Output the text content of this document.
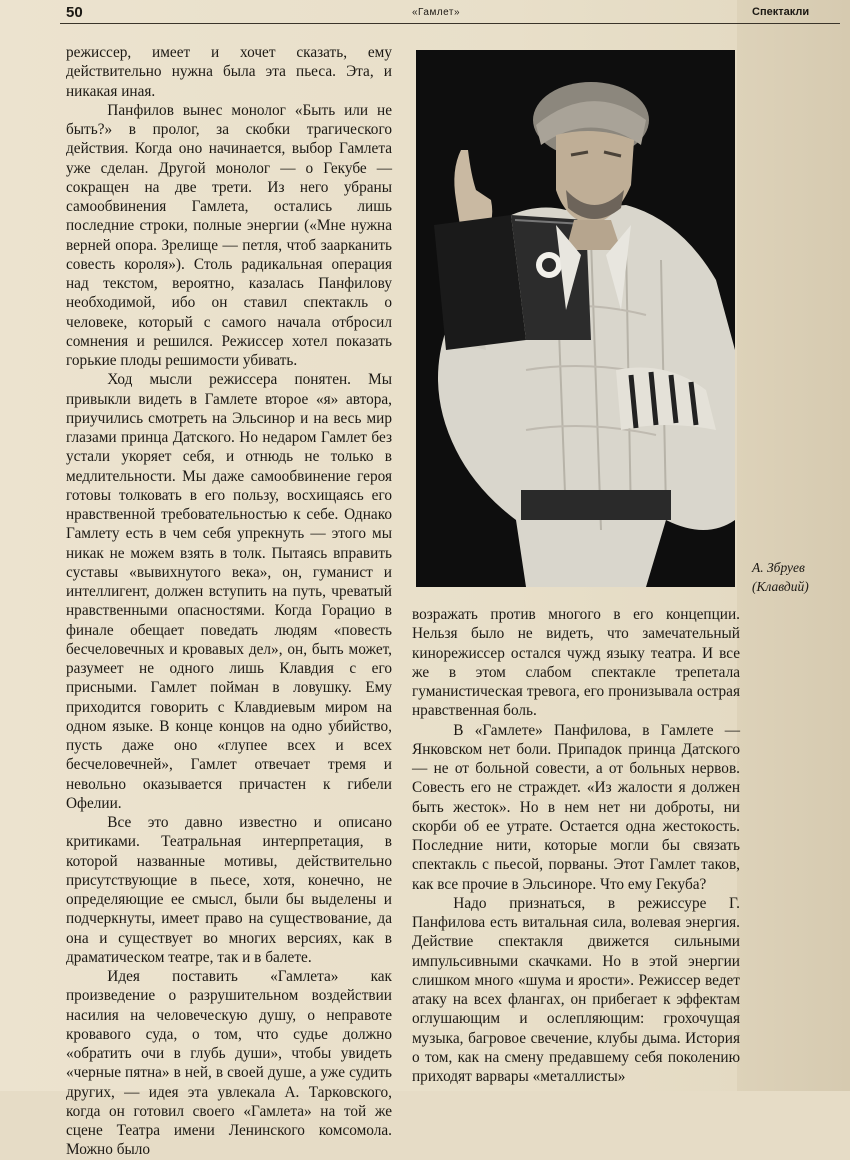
50	«Гамлет»	Спектакли

режиссер, имеет и хочет сказать, ему действительно нужна была эта пьеса. Эта, и никакая иная.

Панфилов вынес монолог «Быть или не быть?» в пролог, за скобки трагического действия. Когда оно начинается, выбор Гамлета уже сделан. Другой монолог — о Гекубе — сокращен на две трети. Из него убраны самообвинения Гамлета, остались лишь последние строки, полные энергии («Мне нужна верней опора. Зрелище — петля, чтоб заарканить совесть короля»). Столь радикальная операция над текстом, вероятно, казалась Панфилову необходимой, ибо он ставил спектакль о человеке, который с самого начала отбросил сомнения и решился. Режиссер хотел показать горькие плоды решимости убивать.

Ход мысли режиссера понятен. Мы привыкли видеть в Гамлете второе «я» автора, приучились смотреть на Эльсинор и на весь мир глазами принца Датского. Но недаром Гамлет без устали укоряет себя, и отнюдь не только в медлительности. Мы даже самообвинение героя готовы толковать в его пользу, восхищаясь его нравственной требовательностью к себе. Однако Гамлету есть в чем себя упрекнуть — этого мы никак не можем взять в толк. Пытаясь вправить суставы «вывихнутого века», он, гуманист и интеллигент, должен вступить на путь, чреватый нравственными опасностями. Когда Горацио в финале обещает поведать людям «повесть бесчеловечных и кровавых дел», он, быть может, разумеет не одного лишь Клавдия с его присными. Гамлет пойман в ловушку. Ему приходится говорить с Клавдиевым миром на одном языке. В конце концов на одно убийство, пусть даже оно «глупее всех и всех бесчеловечней», Гамлет отвечает тремя и невольно оказывается причастен к гибели Офелии.

Все это давно известно и описано критиками. Театральная интерпретация, в которой названные мотивы, действительно присутствующие в пьесе, хотя, конечно, не определяющие ее смысл, были бы выделены и подчеркнуты, имеет право на существование, да она и существует во многих версиях, как в драматическом театре, так и в балете.

Идея поставить «Гамлета» как произведение о разрушительном воздействии насилия на человеческую душу, о неправоте кровавого суда, о том, что судье должно «обратить очи в глубь души», чтобы увидеть «черные пятна» в ней, в своей душе, а уже судить других, — идея эта увлекала А. Тарковского, когда он готовил своего «Гамлета» на той же сцене Театра имени Ленинского комсомола. Можно было

А. Збруев
(Клавдий)

возражать против многого в его концепции. Нельзя было не видеть, что замечательный кинорежиссер остался чужд языку театра. И все же в этом слабом спектакле трепетала гуманистическая тревога, его пронизывала острая нравственная боль.

В «Гамлете» Панфилова, в Гамлете — Янковском нет боли. Припадок принца Датского — не от больной совести, а от больных нервов. Совесть его не страждет. «Из жалости я должен быть жесток». Но в нем нет ни доброты, ни скорби об ее утрате. Остается одна жестокость. Последние нити, которые могли бы связать спектакль с пьесой, порваны. Этот Гамлет таков, как все прочие в Эльсиноре. Что ему Гекуба?

Надо признаться, в режиссуре Г. Панфилова есть витальная сила, волевая энергия. Действие спектакля движется сильными импульсивными скачками. Но в этой энергии слишком много «шума и ярости». Режиссер ведет атаку на всех флангах, он прибегает к эффектам оглушающим и ослепляющим: грохочущая музыка, багровое свечение, клубы дыма. История о том, как на смену предавшему себя поколению приходят варвары «металлисты»
